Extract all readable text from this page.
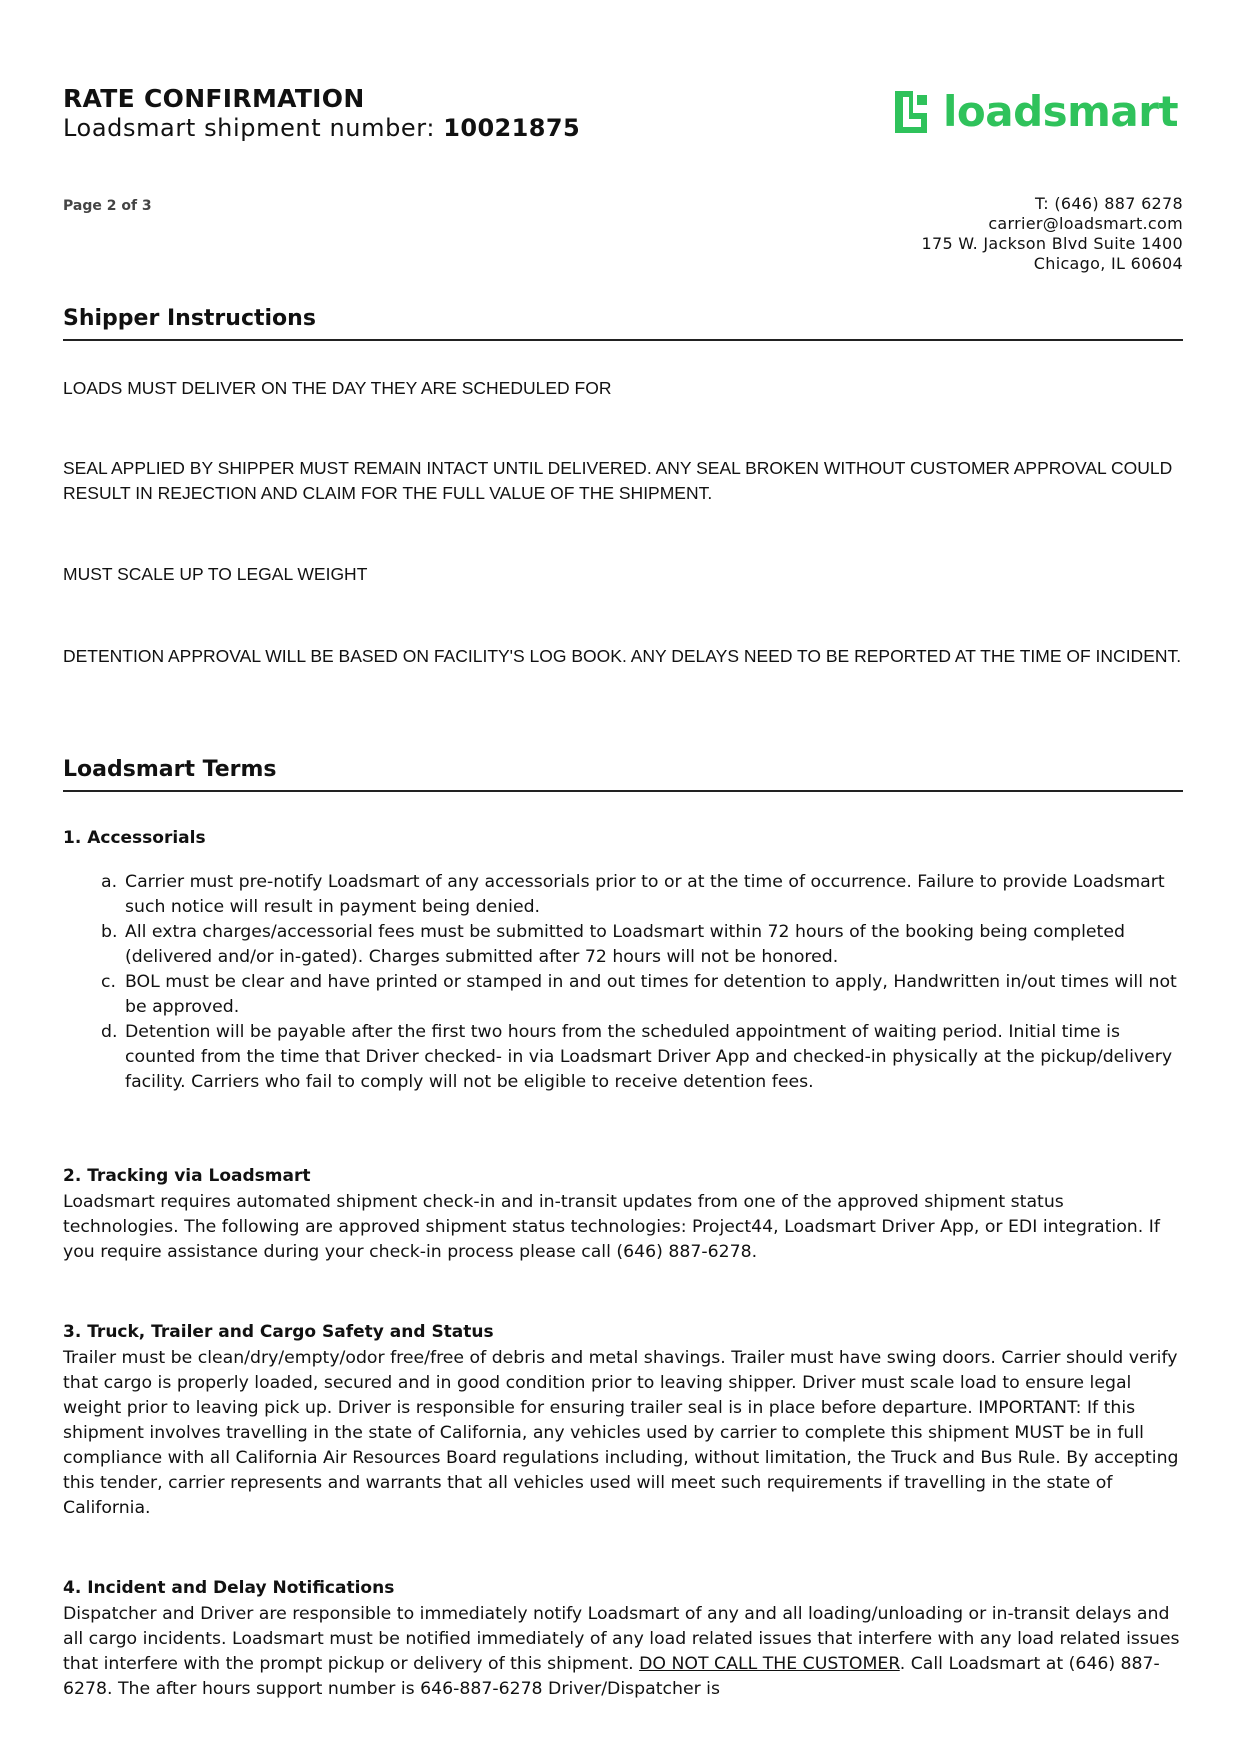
RATE CONFIRMATION
Loadsmart shipment number: 10021875	loadsmart
Page 2 of 3	T: (646) 887 6278
carrier@loadsmart.com
175 W. Jackson Blvd Suite 1400
Chicago, IL 60604
Shipper Instructions
LOADS MUST DELIVER ON THE DAY THEY ARE SCHEDULED FOR
SEAL APPLIED BY SHIPPER MUST REMAIN INTACT UNTIL DELIVERED. ANY SEAL BROKEN WITHOUT CUSTOMER APPROVAL COULD RESULT IN REJECTION AND CLAIM FOR THE FULL VALUE OF THE SHIPMENT.
MUST SCALE UP TO LEGAL WEIGHT
DETENTION APPROVAL WILL BE BASED ON FACILITY'S LOG BOOK. ANY DELAYS NEED TO BE REPORTED AT THE TIME OF INCIDENT.
Loadsmart Terms
1. Accessorials
a. Carrier must pre-notify Loadsmart of any accessorials prior to or at the time of occurrence. Failure to provide Loadsmart such notice will result in payment being denied.
b. All extra charges/accessorial fees must be submitted to Loadsmart within 72 hours of the booking being completed (delivered and/or in-gated). Charges submitted after 72 hours will not be honored.
c. BOL must be clear and have printed or stamped in and out times for detention to apply, Handwritten in/out times will not be approved.
d. Detention will be payable after the first two hours from the scheduled appointment of waiting period. Initial time is counted from the time that Driver checked- in via Loadsmart Driver App and checked-in physically at the pickup/delivery facility. Carriers who fail to comply will not be eligible to receive detention fees.
2. Tracking via Loadsmart
Loadsmart requires automated shipment check-in and in-transit updates from one of the approved shipment status technologies. The following are approved shipment status technologies: Project44, Loadsmart Driver App, or EDI integration. If you require assistance during your check-in process please call (646) 887-6278.
3. Truck, Trailer and Cargo Safety and Status
Trailer must be clean/dry/empty/odor free/free of debris and metal shavings. Trailer must have swing doors. Carrier should verify that cargo is properly loaded, secured and in good condition prior to leaving shipper. Driver must scale load to ensure legal weight prior to leaving pick up. Driver is responsible for ensuring trailer seal is in place before departure. IMPORTANT: If this shipment involves travelling in the state of California, any vehicles used by carrier to complete this shipment MUST be in full compliance with all California Air Resources Board regulations including, without limitation, the Truck and Bus Rule. By accepting this tender, carrier represents and warrants that all vehicles used will meet such requirements if travelling in the state of California.
4. Incident and Delay Notifications
Dispatcher and Driver are responsible to immediately notify Loadsmart of any and all loading/unloading or in-transit delays and all cargo incidents. Loadsmart must be notified immediately of any load related issues that interfere with any load related issues that interfere with the prompt pickup or delivery of this shipment. DO NOT CALL THE CUSTOMER. Call Loadsmart at (646) 887-6278. The after hours support number is 646-887-6278 Driver/Dispatcher is
